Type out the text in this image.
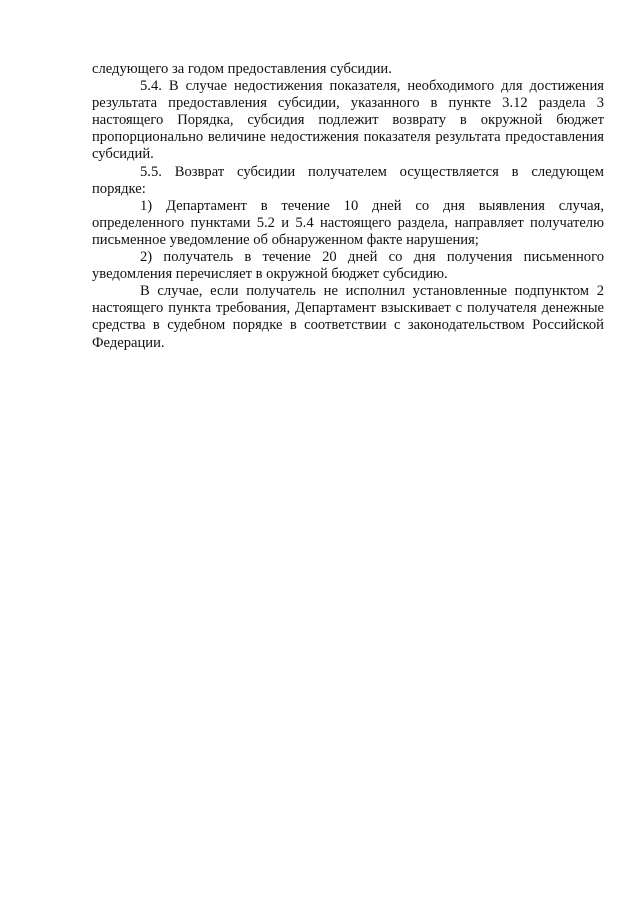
следующего за годом предоставления субсидии.

5.4. В случае недостижения показателя, необходимого для достижения результата предоставления субсидии, указанного в пункте 3.12 раздела 3 настоящего Порядка, субсидия подлежит возврату в окружной бюджет пропорционально величине недостижения показателя результата предоставления субсидий.

5.5. Возврат субсидии получателем осуществляется в следующем порядке:

1) Департамент в течение 10 дней со дня выявления случая, определенного пунктами 5.2 и 5.4 настоящего раздела, направляет получателю письменное уведомление об обнаруженном факте нарушения;

2) получатель в течение 20 дней со дня получения письменного уведомления перечисляет в окружной бюджет субсидию.

В случае, если получатель не исполнил установленные подпунктом 2 настоящего пункта требования, Департамент взыскивает с получателя денежные средства в судебном порядке в соответствии с законодательством Российской Федерации.
